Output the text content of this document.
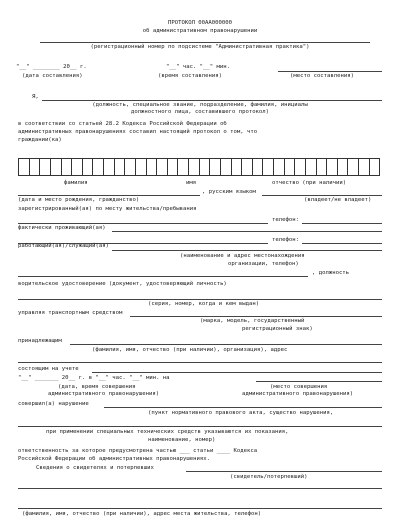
ПРОТОКОЛ 00АА000000
об административном правонарушении
(регистрационный номер по подсистеме "Административная практика")
"__" ________ 20__ г.	"__" час. "__" мин.
(дата составления)	(время составления)	(место составления)
Я,
(должность, специальное звание, подразделение, фамилия, инициалы
должностного лица, составившего протокол)
в соответствии со статьей 28.2 Кодекса Российской Федерации об
административных правонарушениях составил настоящий протокол о том, что
граждании(ка)
фамилия	имя	отчество (при наличии)
, русским языком
(дата и место рождения, гражданство)	(владеет/не владеет)
зарегистрированный(ая) по месту жительства/пребывания
телефон:
фактически проживающий(ая)
телефон:
работающий(ая)/служащий(ая)
(наименование и адрес местонахождения
организации, телефон)
, должность
водительское удостоверение (документ, удостоверяющий личность)
(серия, номер, когда и кем выдан)
управляя транспортным средством
(марка, модель, государственный
регистрационный знак)
принадлежащим
(фамилия, имя, отчество (при наличии), организация), адрес
состоящим на учете
"__" _______ 20__ г. в "__" час. "__" мин. на
(дата, время совершения
административного правонарушения)
(место совершения
административного правонарушения)
совершил(а) нарушение
(пункт нормативного правового акта, существо нарушения,
при применении специальных технических средств указываются их показания,
наименование, номер)
ответственность за которое предусмотрена частью ___ статьи ____ Кодекса
Российской Федерации об административных правонарушениях.
Сведения о свидетелях и потерпевших
(свидетель/потерпевший)
(фамилия, имя, отчество (при наличии), адрес места жительства, телефон)
